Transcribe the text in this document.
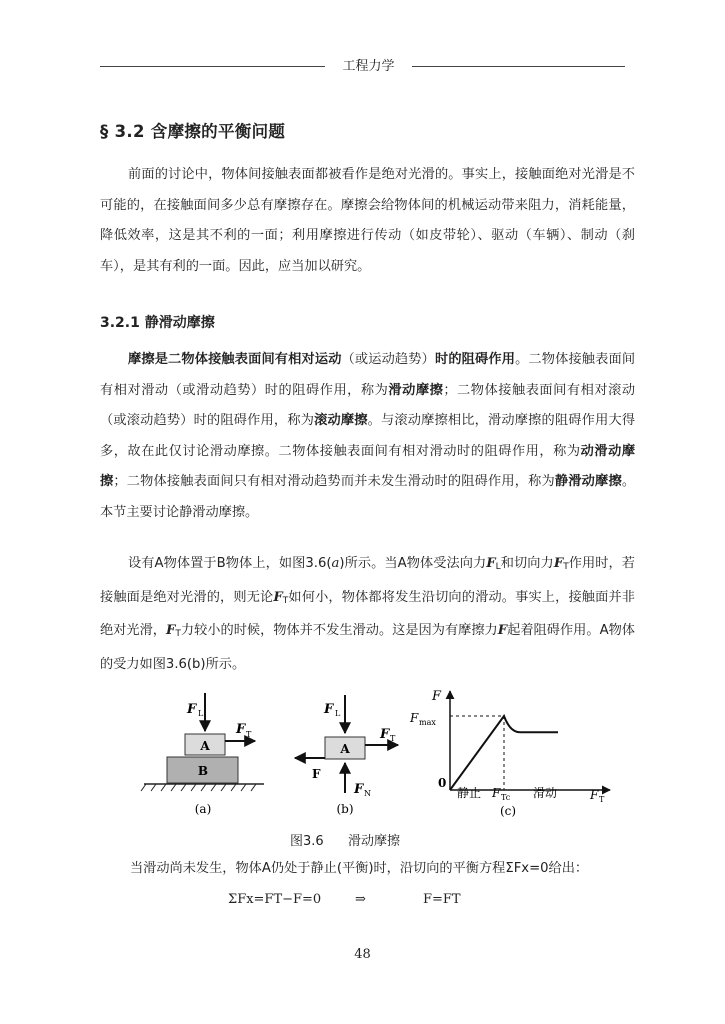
工程力学
§ 3.2 含摩擦的平衡问题
前面的讨论中，物体间接触表面都被看作是绝对光滑的。事实上，接触面绝对光滑是不可能的，在接触面间多少总有摩擦存在。摩擦会给物体间的机械运动带来阻力，消耗能量，降低效率，这是其不利的一面；利用摩擦进行传动（如皮带轮）、驱动（车辆）、制动（刹车），是其有利的一面。因此，应当加以研究。
3.2.1 静滑动摩擦
摩擦是二物体接触表面间有相对运动（或运动趋势）时的阻碍作用。二物体接触表面间有相对滑动（或滑动趋势）时的阻碍作用，称为滑动摩擦；二物体接触表面间有相对滚动（或滚动趋势）时的阻碍作用，称为滚动摩擦。与滚动摩擦相比，滑动摩擦的阻碍作用大得多，故在此仅讨论滑动摩擦。二物体接触表面间有相对滑动时的阻碍作用，称为动滑动摩擦；二物体接触表面间只有相对滑动趋势而并未发生滑动时的阻碍作用，称为静滑动摩擦。本节主要讨论静滑动摩擦。
设有A物体置于B物体上，如图3.6(a)所示。当A物体受法向力$F_L$和切向力$F_T$作用时，若接触面是绝对光滑的，则无论$F_T$如何小，物体都将发生沿切向的滑动。事实上，接触面并非绝对光滑，$F_T$力较小的时候，物体并不发生滑动。这是因为有摩擦力F起着阻碍作用。A物体的受力如图3.6(b)所示。
F L
A
F T
B
(a)
F L
A
F T
F
F N
(b)
F
F max
0
静止 F Tc 滑动	F T
(c)
图3.6 滑动摩擦
当滑动尚未发生，物体A仍处于静止(平衡)时，沿切向的平衡方程ΣFx=0给出：
ΣFx=FT−F=0	⇒	F=FT
48
